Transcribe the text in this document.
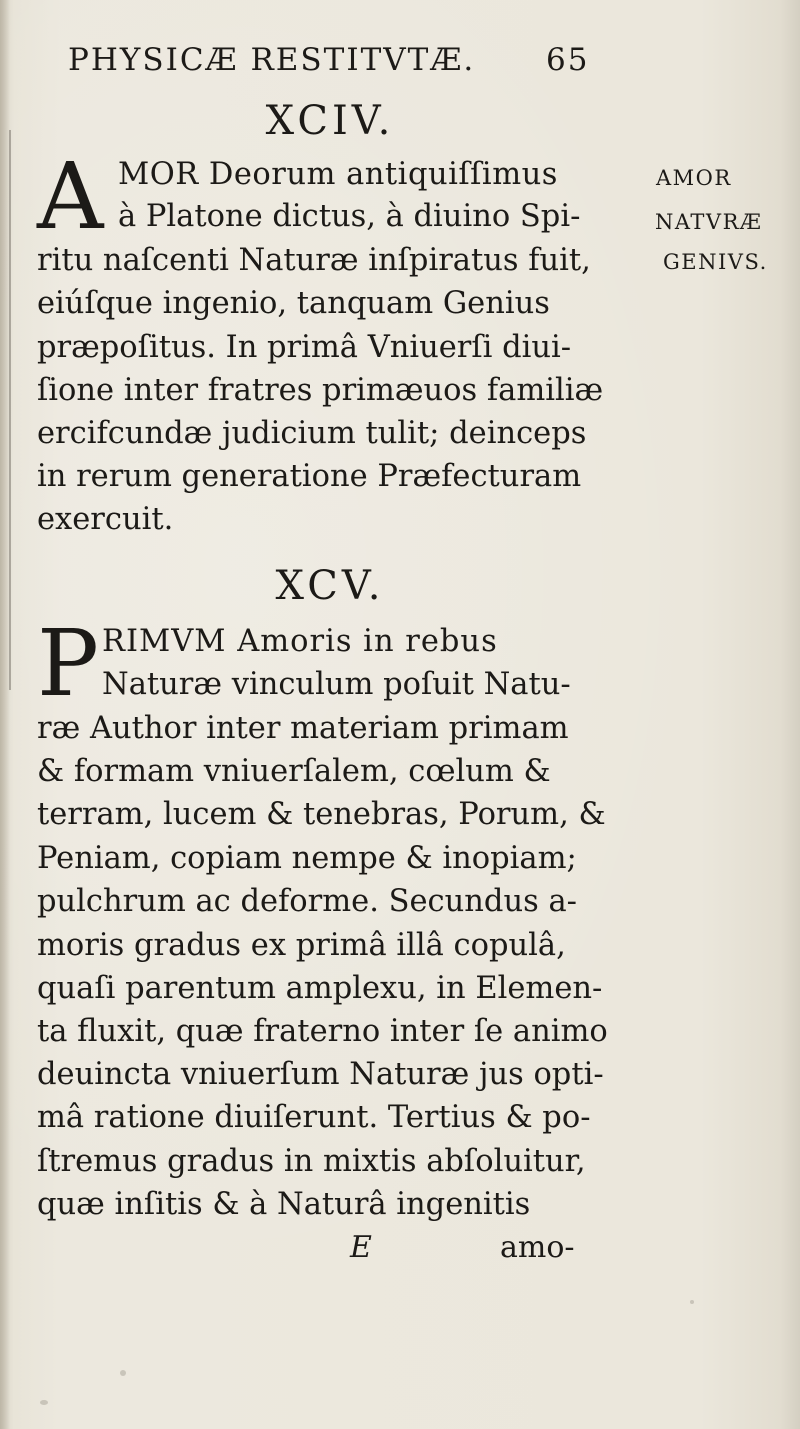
PHYSICÆ RESTITVTÆ. 65
XCIV.
A MOR Deorum antiquiſſimus
à Platone dictus, à diuino Spi-
ritu naſcenti Naturæ inſpiratus fuit,
eiúſque ingenio, tanquam Genius
præpoſitus. In primâ Vniuerſi diui-
ſione inter fratres primæuos familiæ
ercifcundæ judicium tulit; deinceps
in rerum generatione Præfecturam
exercuit.
AMOR
NATVRÆ
GENIVS.
XCV.
P RIMVM Amoris in rebus
Naturæ vinculum poſuit Natu-
ræ Author inter materiam primam
& formam vniuerſalem, cœlum &
terram, lucem & tenebras, Porum, &
Peniam, copiam nempe & inopiam;
pulchrum ac deforme. Secundus a-
moris gradus ex primâ illâ copulâ,
quaſi parentum amplexu, in Elemen-
ta fluxit, quæ fraterno inter ſe animo
deuincta vniuerſum Naturæ jus opti-
mâ ratione diuiſerunt. Tertius & po-
ſtremus gradus in mixtis abſoluitur,
quæ inſitis & à Naturâ ingenitis
E	amo-
